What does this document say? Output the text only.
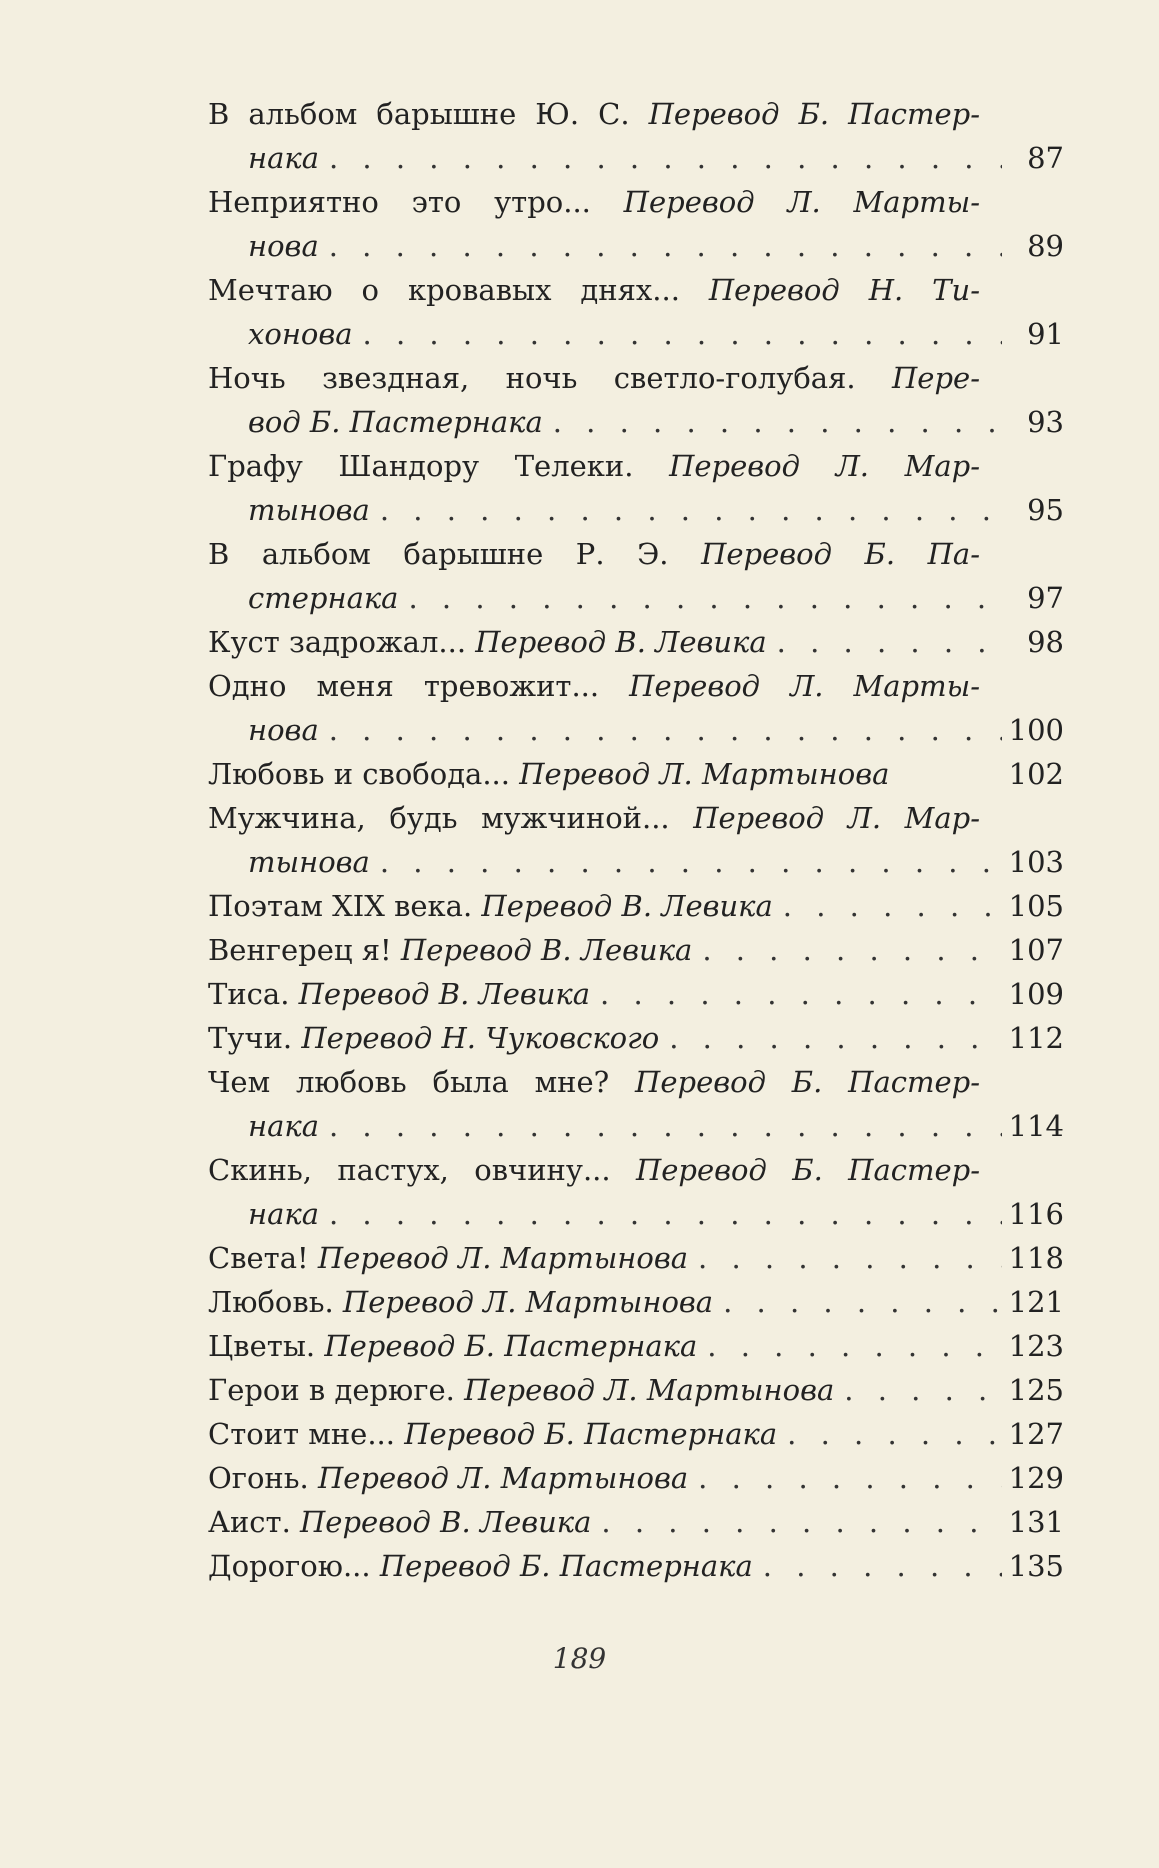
В альбом барышне Ю. С. Перевод Б. Пастер-
нака . . .	87
Неприятно это утро... Перевод Л. Марты-
нова . . .	89
Мечтаю о кровавых днях... Перевод Н. Ти-
хонова . . .	91
Ночь звездная, ночь светло-голубая. Пере-
вод Б. Пастернака . . .	93
Графу Шандору Телеки. Перевод Л. Мар-
тынова . . .	95
В альбом барышне Р. Э. Перевод Б. Па-
стернака . . .	97
Куст задрожал... Перевод В. Левика . . .	98
Одно меня тревожит... Перевод Л. Марты-
нова . . .	100
Любовь и свобода... Перевод Л. Мартынова	102
Мужчина, будь мужчиной... Перевод Л. Мар-
тынова . . .	103
Поэтам XIX века. Перевод В. Левика . . .	105
Венгерец я! Перевод В. Левика . . .	107
Тиса. Перевод В. Левика . . .	109
Тучи. Перевод Н. Чуковского . . .	112
Чем любовь была мне? Перевод Б. Пастер-
нака . . .	114
Скинь, пастух, овчину... Перевод Б. Пастер-
нака . . .	116
Света! Перевод Л. Мартынова . . .	118
Любовь. Перевод Л. Мартынова . . .	121
Цветы. Перевод Б. Пастернака . . .	123
Герои в дерюге. Перевод Л. Мартынова . . .	125
Стоит мне... Перевод Б. Пастернака . . .	127
Огонь. Перевод Л. Мартынова . . .	129
Аист. Перевод В. Левика . . .	131
Дорогою... Перевод Б. Пастернака . . .	135
189
